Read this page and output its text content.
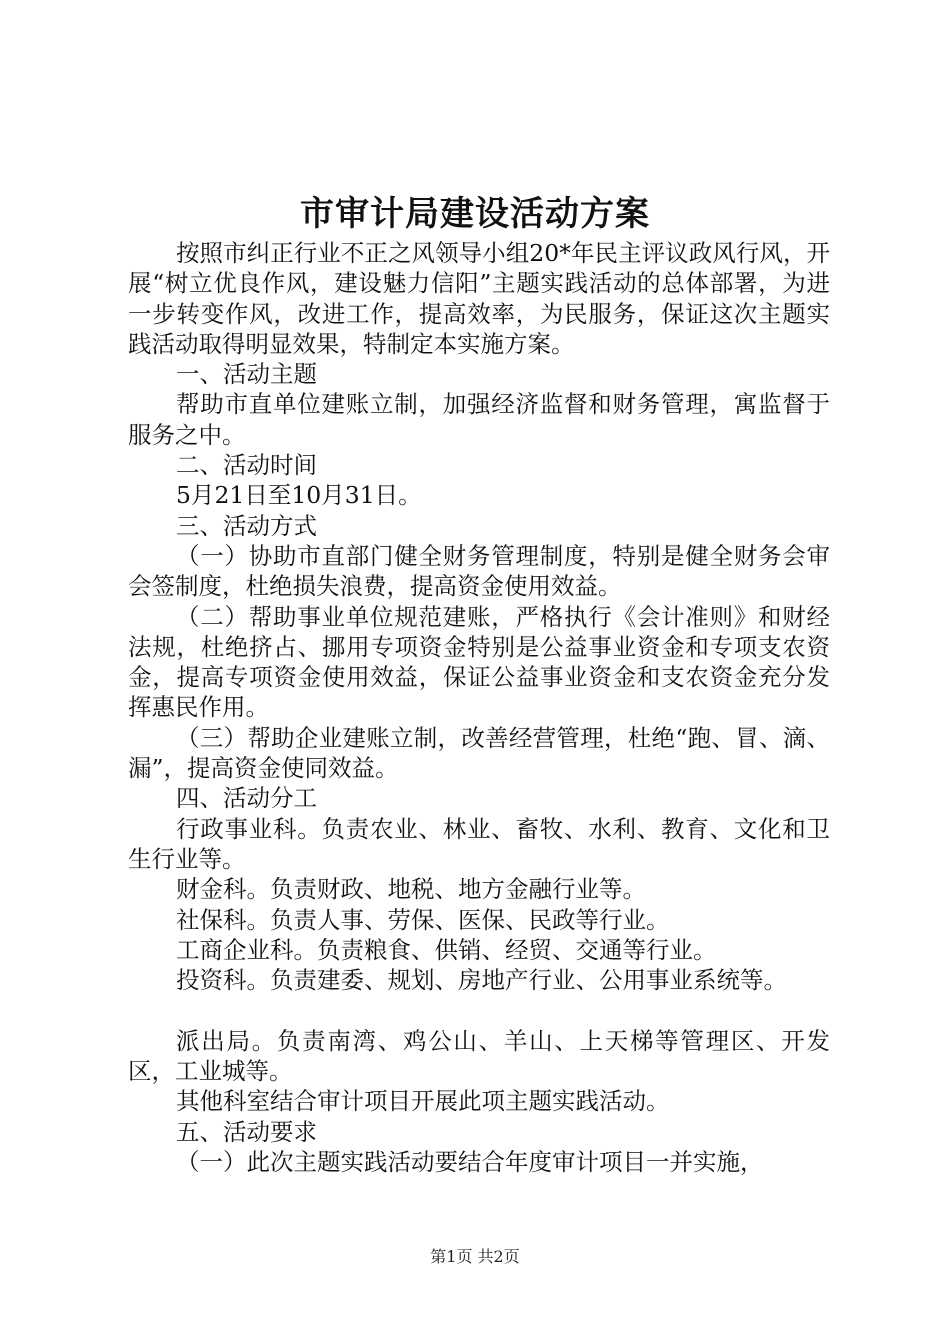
市审计局建设活动方案

按照市纠正行业不正之风领导小组20*年民主评议政风行风，开展“树立优良作风，建设魅力信阳”主题实践活动的总体部署，为进一步转变作风，改进工作，提高效率，为民服务，保证这次主题实践活动取得明显效果，特制定本实施方案。

一、活动主题

帮助市直单位建账立制，加强经济监督和财务管理，寓监督于服务之中。

二、活动时间

5月21日至10月31日。

三、活动方式

（一）协助市直部门健全财务管理制度，特别是健全财务会审会签制度，杜绝损失浪费，提高资金使用效益。

（二）帮助事业单位规范建账，严格执行《会计准则》和财经法规，杜绝挤占、挪用专项资金特别是公益事业资金和专项支农资金，提高专项资金使用效益，保证公益事业资金和支农资金充分发挥惠民作用。

（三）帮助企业建账立制，改善经营管理，杜绝“跑、冒、滴、漏”，提高资金使同效益。

四、活动分工

行政事业科。负责农业、林业、畜牧、水利、教育、文化和卫生行业等。

财金科。负责财政、地税、地方金融行业等。

社保科。负责人事、劳保、医保、民政等行业。

工商企业科。负责粮食、供销、经贸、交通等行业。

投资科。负责建委、规划、房地产行业、公用事业系统等。

派出局。负责南湾、鸡公山、羊山、上天梯等管理区、开发区，工业城等。

其他科室结合审计项目开展此项主题实践活动。

五、活动要求

（一）此次主题实践活动要结合年度审计项目一并实施，

第1页 共2页
